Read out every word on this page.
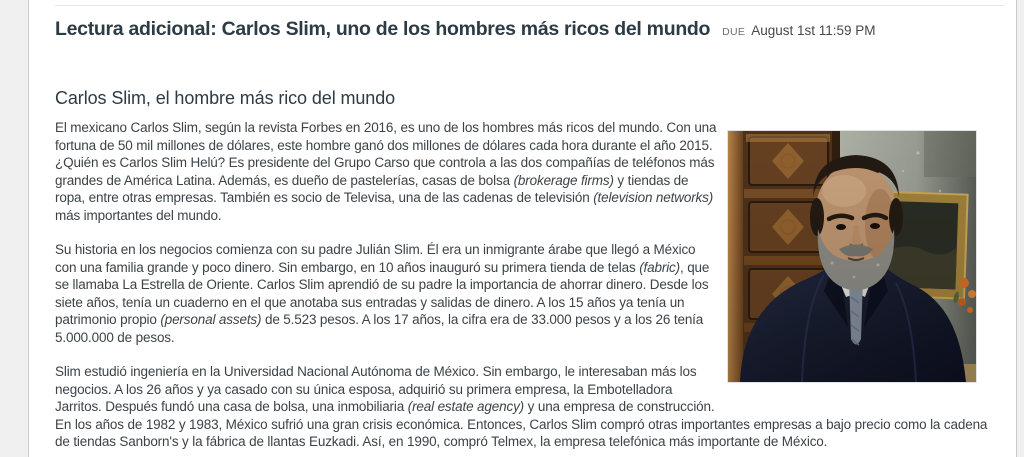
Lectura adicional: Carlos Slim, uno de los hombres más ricos del mundo DUE August 1st 11:59 PM
Carlos Slim, el hombre más rico del mundo

El mexicano Carlos Slim, según la revista Forbes en 2016, es uno de los hombres más ricos del mundo. Con una fortuna de 50 mil millones de dólares, este hombre ganó dos millones de dólares cada hora durante el año 2015. ¿Quién es Carlos Slim Helú? Es presidente del Grupo Carso que controla a las dos compañías de teléfonos más grandes de América Latina. Además, es dueño de pastelerías, casas de bolsa (brokerage firms) y tiendas de ropa, entre otras empresas. También es socio de Televisa, una de las cadenas de televisión (television networks) más importantes del mundo.

Su historia en los negocios comienza con su padre Julián Slim. Él era un inmigrante árabe que llegó a México con una familia grande y poco dinero. Sin embargo, en 10 años inauguró su primera tienda de telas (fabric), que se llamaba La Estrella de Oriente. Carlos Slim aprendió de su padre la importancia de ahorrar dinero. Desde los siete años, tenía un cuaderno en el que anotaba sus entradas y salidas de dinero. A los 15 años ya tenía un patrimonio propio (personal assets) de 5.523 pesos. A los 17 años, la cifra era de 33.000 pesos y a los 26 tenía 5.000.000 de pesos.

Slim estudió ingeniería en la Universidad Nacional Autónoma de México. Sin embargo, le interesaban más los negocios. A los 26 años y ya casado con su única esposa, adquirió su primera empresa, la Embotelladora Jarritos. Después fundó una casa de bolsa, una inmobiliaria (real estate agency) y una empresa de construcción. En los años de 1982 y 1983, México sufrió una gran crisis económica. Entonces, Carlos Slim compró otras importantes empresas a bajo precio como la cadena de tiendas Sanborn's y la fábrica de llantas Euzkadi. Así, en 1990, compró Telmex, la empresa telefónica más importante de México.
